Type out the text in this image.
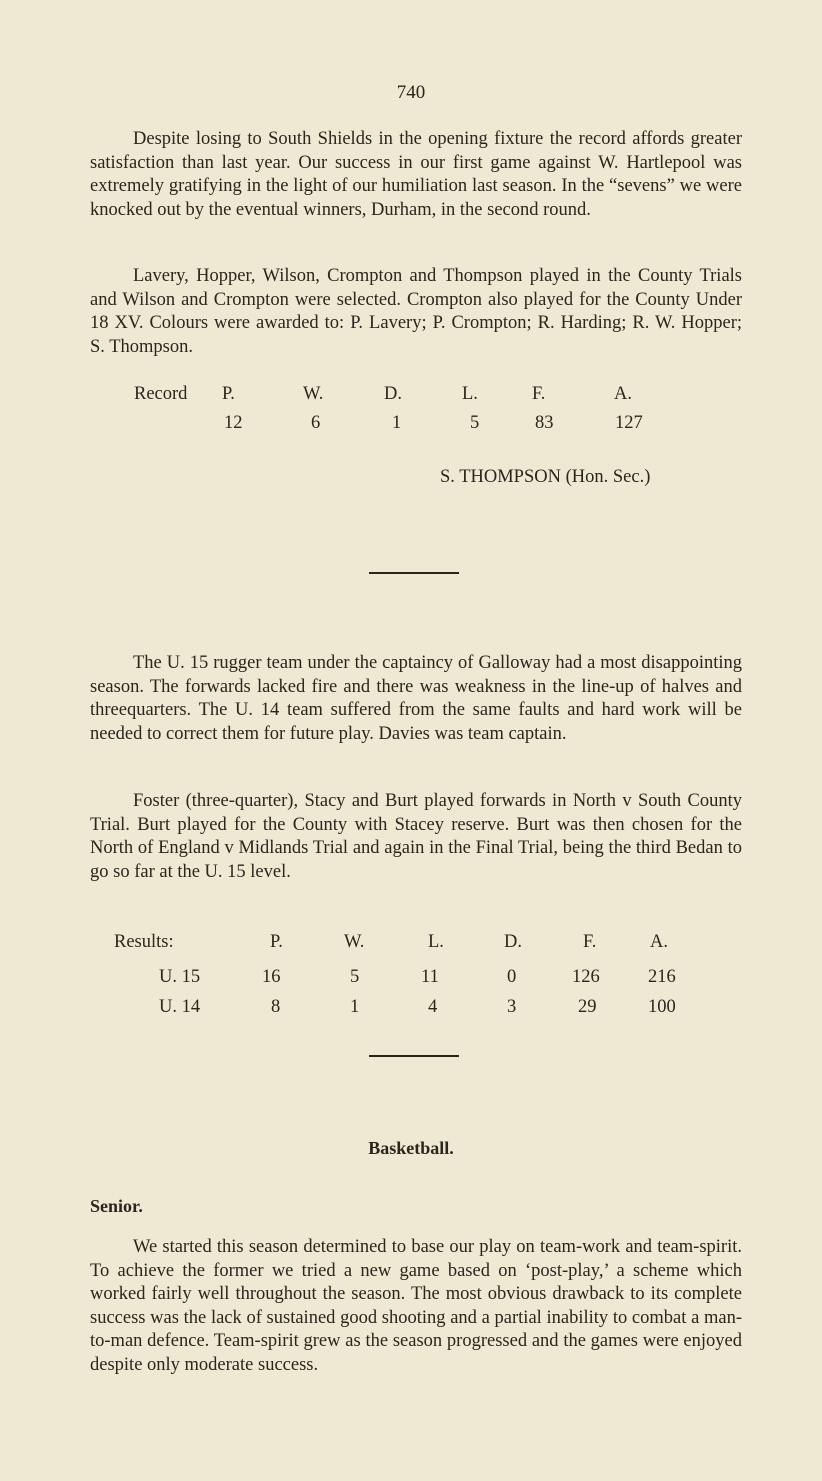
740

Despite losing to South Shields in the opening fixture the record affords greater satisfaction than last year. Our success in our first game against W. Hartlepool was extremely gratifying in the light of our humiliation last season. In the “sevens” we were knocked out by the eventual winners, Durham, in the second round.

Lavery, Hopper, Wilson, Crompton and Thompson played in the County Trials and Wilson and Crompton were selected. Crompton also played for the County Under 18 XV. Colours were awarded to: P. Lavery; P. Crompton; R. Harding; R. W. Hopper; S. Thompson.

Record P.	W.	D.	L.	F.	A.
12	6	1	5	83	127
S. THOMPSON (Hon. Sec.)

The U. 15 rugger team under the captaincy of Galloway had a most disappointing season. The forwards lacked fire and there was weakness in the line-up of halves and threequarters. The U. 14 team suffered from the same faults and hard work will be needed to correct them for future play. Davies was team captain.

Foster (three-quarter), Stacy and Burt played forwards in North v South County Trial. Burt played for the County with Stacey reserve. Burt was then chosen for the North of England v Midlands Trial and again in the Final Trial, being the third Bedan to go so far at the U. 15 level.

Results:	P.	W.	L.	D.	F.	A.
U. 15	16	5	11	0	126	216
U. 14	8	1	4	3	29	100
Basketball.
Senior.

We started this season determined to base our play on team-work and team-spirit. To achieve the former we tried a new game based on ‘post-play,’ a scheme which worked fairly well throughout the season. The most obvious drawback to its complete success was the lack of sustained good shooting and a partial inability to combat a man-to-man defence. Team-spirit grew as the season progressed and the games were enjoyed despite only moderate success.
